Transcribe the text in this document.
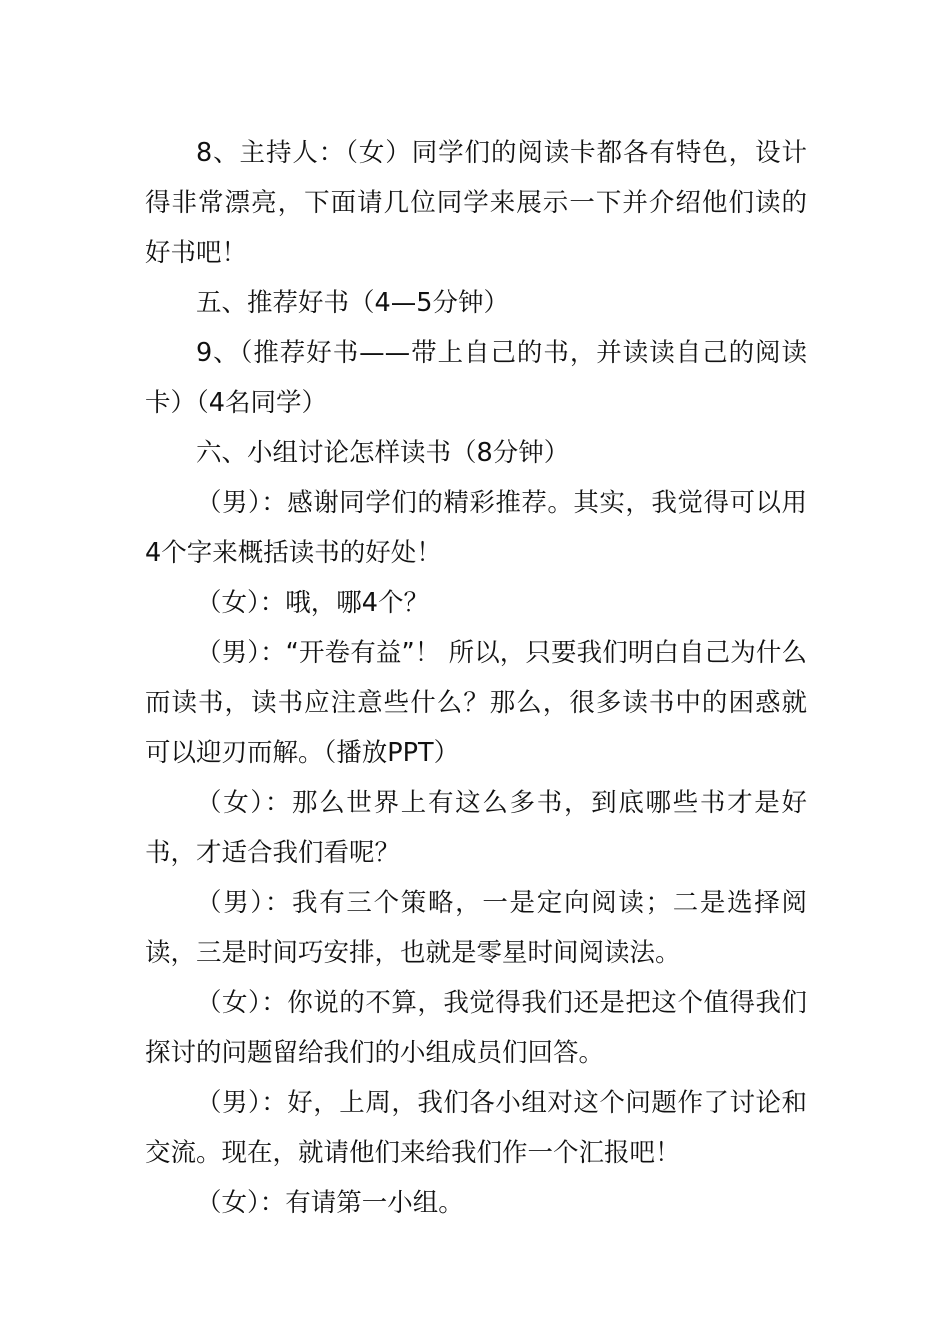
8、主持人：（女）同学们的阅读卡都各有特色，设计得非常漂亮，下面请几位同学来展示一下并介绍他们读的好书吧！

五、推荐好书（4—5分钟）

9、（推荐好书——带上自己的书，并读读自己的阅读卡）（4名同学）

六、小组讨论怎样读书（8分钟）

（男）：感谢同学们的精彩推荐。其实，我觉得可以用4个字来概括读书的好处！

（女）：哦，哪4个？

（男）：“开卷有益”！ 所以，只要我们明白自己为什么而读书，读书应注意些什么？那么，很多读书中的困惑就可以迎刃而解。（播放PPT）

（女）：那么世界上有这么多书，到底哪些书才是好书，才适合我们看呢？

（男）：我有三个策略，一是定向阅读；二是选择阅读，三是时间巧安排，也就是零星时间阅读法。

（女）：你说的不算，我觉得我们还是把这个值得我们探讨的问题留给我们的小组成员们回答。

（男）：好，上周，我们各小组对这个问题作了讨论和交流。现在，就请他们来给我们作一个汇报吧！

（女）：有请第一小组。
